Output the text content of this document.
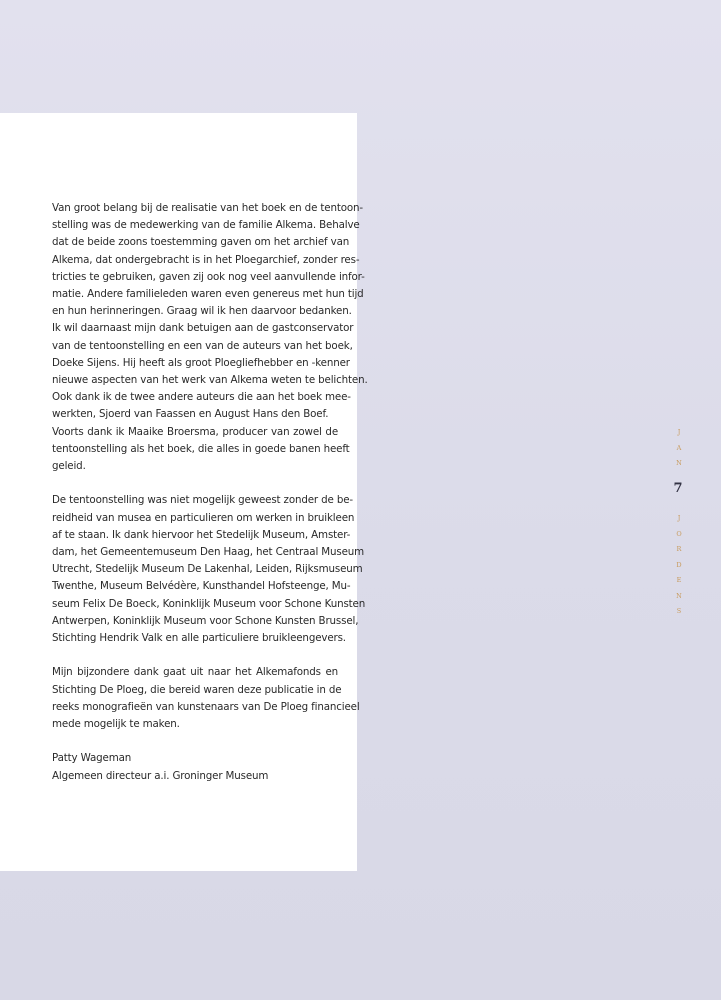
Van groot belang bij de realisatie van het boek en de tentoon-
stelling was de medewerking van de familie Alkema. Behalve
dat de beide zoons toestemming gaven om het archief van
Alkema, dat ondergebracht is in het Ploegarchief, zonder res-
tricties te gebruiken, gaven zij ook nog veel aanvullende infor-
matie. Andere familieleden waren even genereus met hun tijd
en hun herinneringen. Graag wil ik hen daarvoor bedanken.
Ik wil daarnaast mijn dank betuigen aan de gastconservator
van de tentoonstelling en een van de auteurs van het boek,
Doeke Sijens. Hij heeft als groot Ploegliefhebber en -kenner
nieuwe aspecten van het werk van Alkema weten te belichten.
Ook dank ik de twee andere auteurs die aan het boek mee-
werkten, Sjoerd van Faassen en August Hans den Boef.
Voorts dank ik Maaike Broersma, producer van zowel de
tentoonstelling als het boek, die alles in goede banen heeft
geleid.
De tentoonstelling was niet mogelijk geweest zonder de be-
reidheid van musea en particulieren om werken in bruikleen
af te staan. Ik dank hiervoor het Stedelijk Museum, Amster-
dam, het Gemeentemuseum Den Haag, het Centraal Museum
Utrecht, Stedelijk Museum De Lakenhal, Leiden, Rijksmuseum
Twenthe, Museum Belvédère, Kunsthandel Hofsteenge, Mu-
seum Felix De Boeck, Koninklijk Museum voor Schone Kunsten
Antwerpen, Koninklijk Museum voor Schone Kunsten Brussel,
Stichting Hendrik Valk en alle particuliere bruikleengevers.
Mijn bijzondere dank gaat uit naar het Alkemafonds en
Stichting De Ploeg, die bereid waren deze publicatie in de
reeks monografieën van kunstenaars van De Ploeg financieel
mede mogelijk te maken.
Patty Wageman
Algemeen directeur a.i. Groninger Museum
J
A
N
7
J
O
R
D
E
N
S
